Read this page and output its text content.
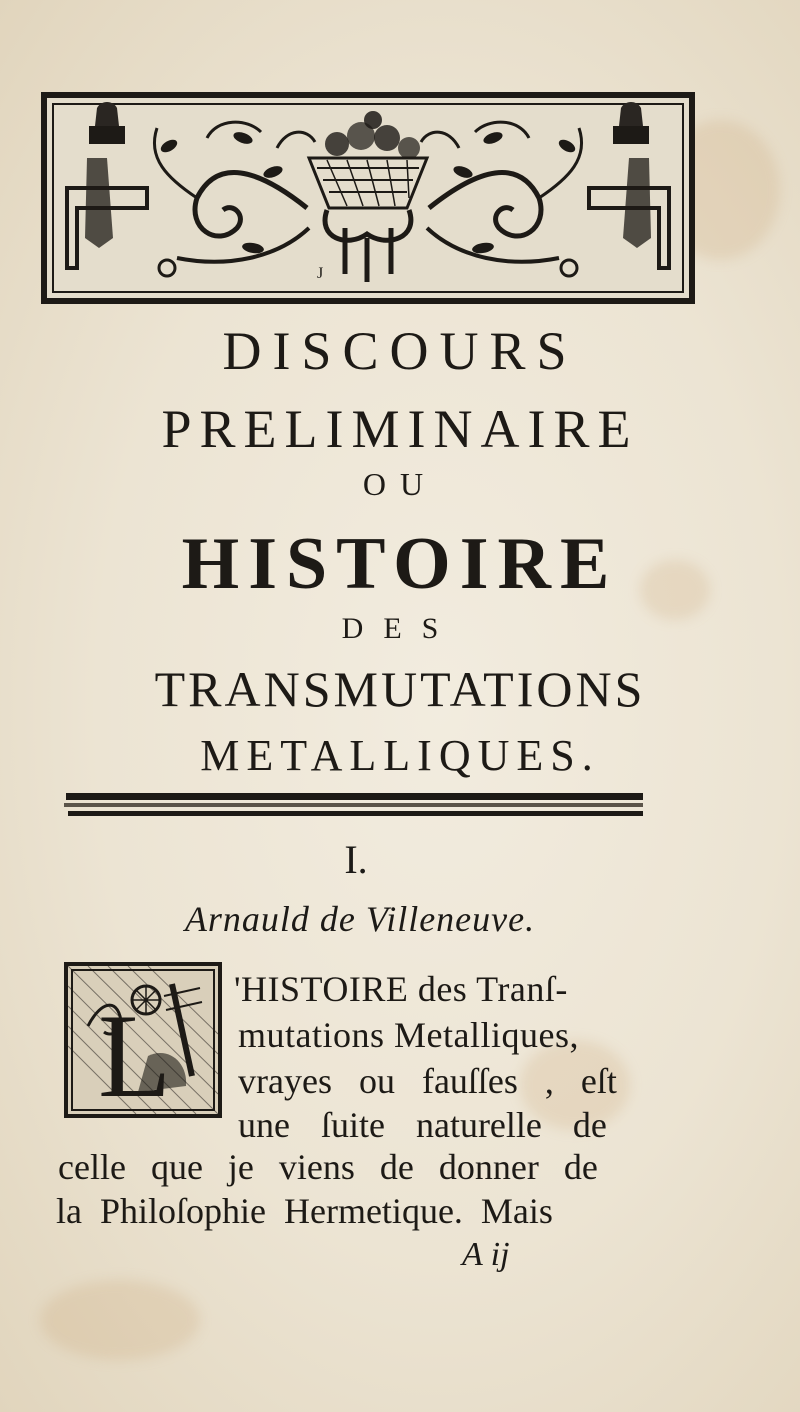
J
DISCOURS
PRELIMINAIRE
OU
HISTOIRE
DES
TRANSMUTATIONS
METALLIQUES.
I.
Arnauld de Villeneuve.
L 'HISTOIRE des Tranſ-
mutations Metalliques,
vrayes ou fauſſes , eſt
une ſuite naturelle de
celle que je viens de donner de
la Philoſophie Hermetique. Mais
A ij
